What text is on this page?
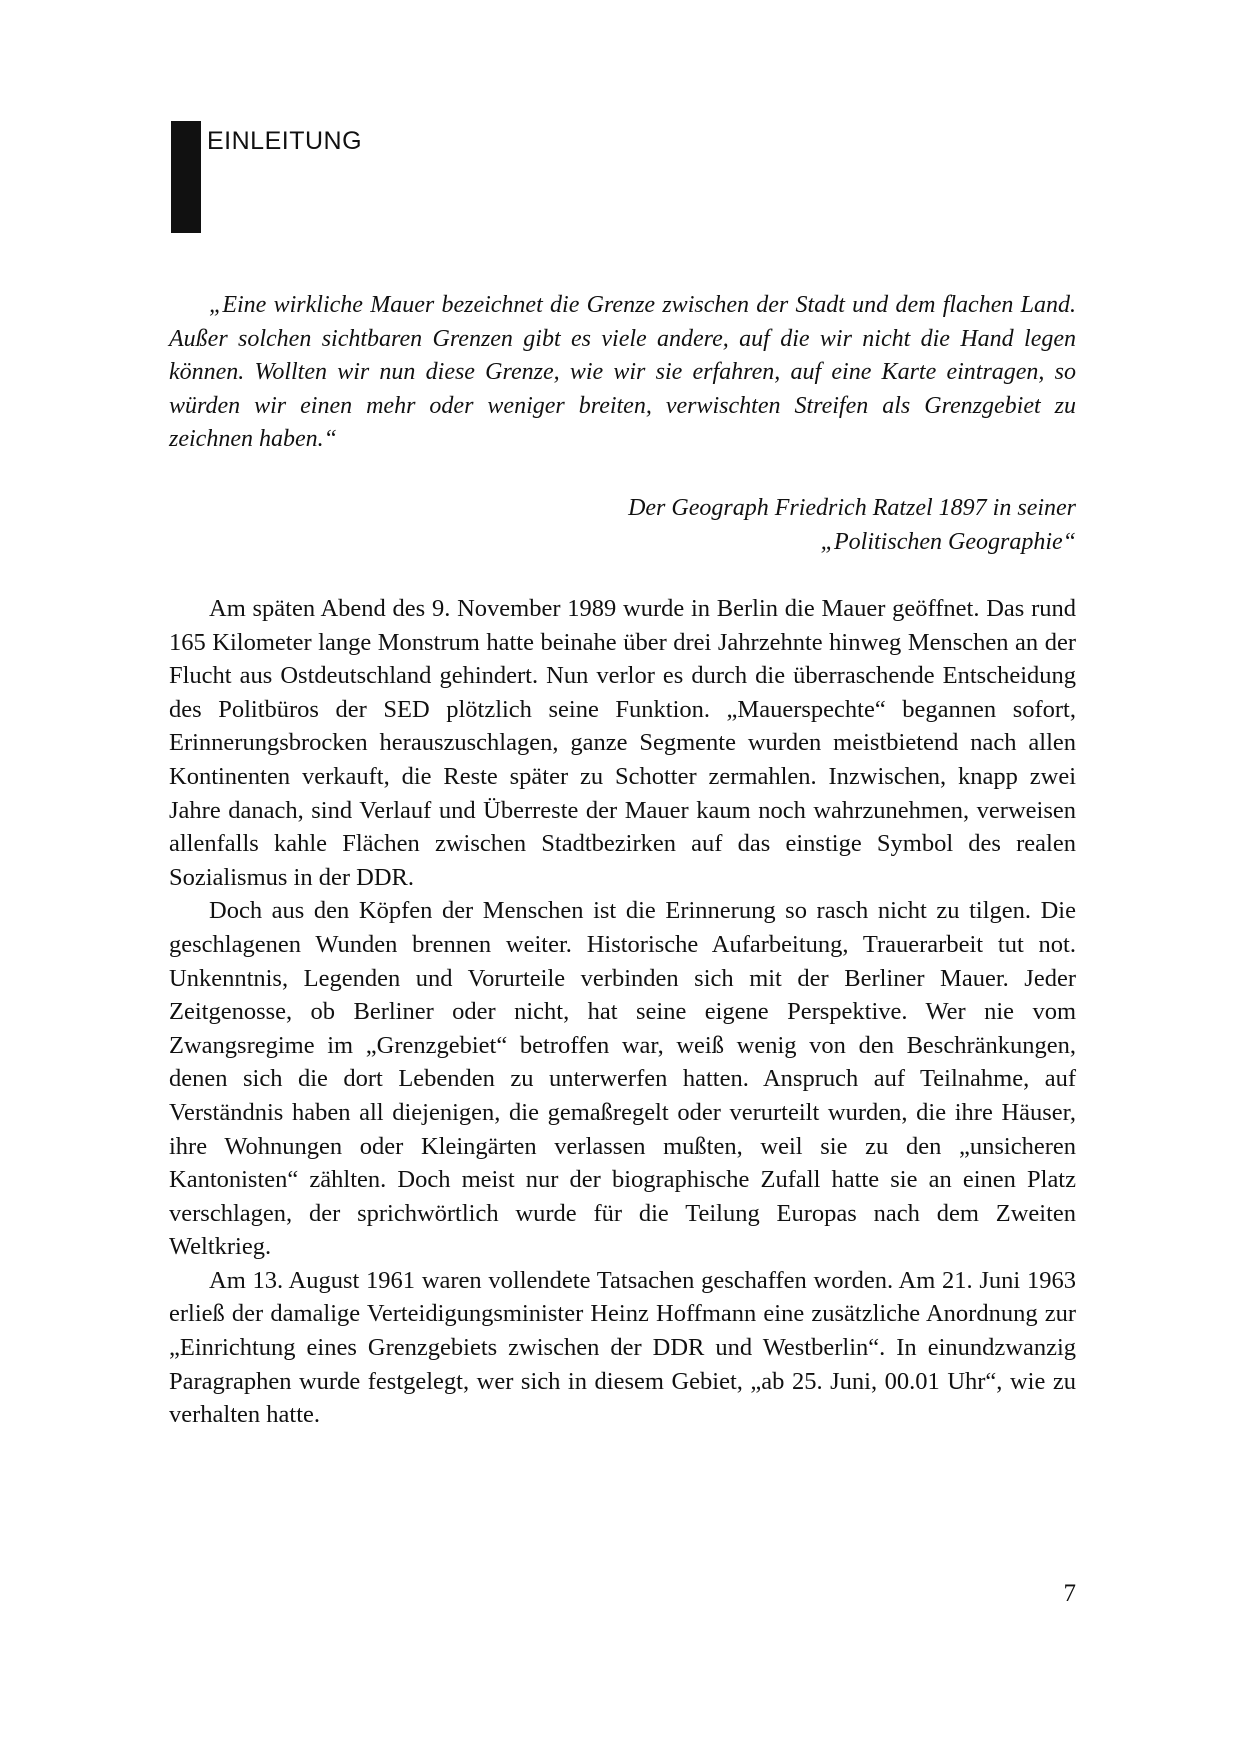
EINLEITUNG

„Eine wirkliche Mauer bezeichnet die Grenze zwischen der Stadt und dem flachen Land. Außer solchen sichtbaren Grenzen gibt es viele andere, auf die wir nicht die Hand legen können. Wollten wir nun diese Grenze, wie wir sie erfahren, auf eine Karte eintragen, so würden wir einen mehr oder weniger breiten, verwischten Streifen als Grenzgebiet zu zeichnen haben.“

Der Geograph Friedrich Ratzel 1897 in seiner
„Politischen Geographie“

Am späten Abend des 9. November 1989 wurde in Berlin die Mauer geöffnet. Das rund 165 Kilometer lange Monstrum hatte beinahe über drei Jahrzehnte hinweg Menschen an der Flucht aus Ostdeutschland gehindert. Nun verlor es durch die überraschende Entscheidung des Politbüros der SED plötzlich seine Funktion. „Mauerspechte“ begannen sofort, Erinnerungsbrocken herauszuschlagen, ganze Segmente wurden meistbietend nach allen Kontinenten verkauft, die Reste später zu Schotter zermahlen. Inzwischen, knapp zwei Jahre danach, sind Verlauf und Überreste der Mauer kaum noch wahrzunehmen, verweisen allenfalls kahle Flächen zwischen Stadtbezirken auf das einstige Symbol des realen Sozialismus in der DDR.

Doch aus den Köpfen der Menschen ist die Erinnerung so rasch nicht zu tilgen. Die geschlagenen Wunden brennen weiter. Historische Aufarbeitung, Trauerarbeit tut not. Unkenntnis, Legenden und Vorurteile verbinden sich mit der Berliner Mauer. Jeder Zeitgenosse, ob Berliner oder nicht, hat seine eigene Perspektive. Wer nie vom Zwangsregime im „Grenzgebiet“ betroffen war, weiß wenig von den Beschränkungen, denen sich die dort Lebenden zu unterwerfen hatten. Anspruch auf Teilnahme, auf Verständnis haben all diejenigen, die gemaßregelt oder verurteilt wurden, die ihre Häuser, ihre Wohnungen oder Kleingärten verlassen mußten, weil sie zu den „unsicheren Kantonisten“ zählten. Doch meist nur der biographische Zufall hatte sie an einen Platz verschlagen, der sprichwörtlich wurde für die Teilung Europas nach dem Zweiten Weltkrieg.

Am 13. August 1961 waren vollendete Tatsachen geschaffen worden. Am 21. Juni 1963 erließ der damalige Verteidigungsminister Heinz Hoffmann eine zusätzliche Anordnung zur „Einrichtung eines Grenzgebiets zwischen der DDR und Westberlin“. In einundzwanzig Paragraphen wurde festgelegt, wer sich in diesem Gebiet, „ab 25. Juni, 00.01 Uhr“, wie zu verhalten hatte.

7
